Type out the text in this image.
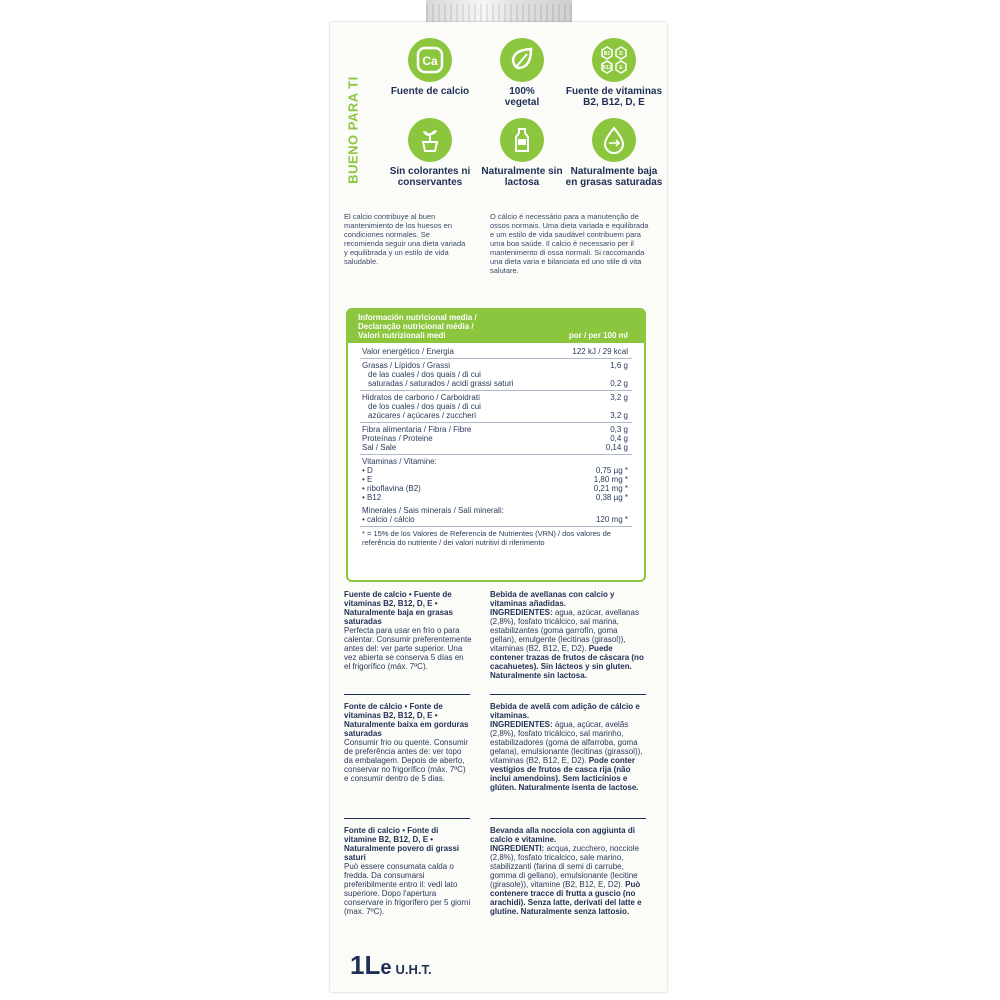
BUENO PARA TI
Ca
Fuente de calcio	100% vegetal
B2 D
B12 E
Fuente de vitaminas B2, B12, D, E
Sin colorantes ni conservantes
Naturalmente sin lactosa
Naturalmente baja en grasas saturadas
El calcio contribuye al buen mantenimiento de los huesos en condiciones normales. Se recomienda seguir una dieta variada y equilibrada y un estilo de vida saludable.
O cálcio é necessário para a manutenção de ossos normais. Uma dieta variada e equilibrada e um estilo de vida saudável contribuem para uma boa saúde. Il calcio è necessario per il mantenimento di ossa normali. Si raccomanda una dieta varia e bilanciata ed uno stile di vita salutare.
Información nutricional media /
Declaração nutricional média /
Valori nutrizionali medi	por / per 100 ml
Valor energético / Energia	122 kJ / 29 kcal
Grasas / Lípidos / Grassi	1,6 g
de las cuales / dos quais / di cui
saturadas / saturados / acidi grassi saturi	0,2 g
Hidratos de carbono / Carboidrati	3,2 g
de los cuales / dos quais / di cui
azúcares / açúcares / zuccheri	3,2 g
Fibra alimentaria / Fibra / Fibre	0,3 g
Proteínas / Proteine	0,4 g
Sal / Sale	0,14 g
Vitaminas / Vitamine:
• D	0,75 µg *
• E	1,80 mg *
• riboflavina (B2)	0,21 mg *
• B12	0,38 µg *
Minerales / Sais minerais / Sali minerali:
• calcio / cálcio	120 mg *
* = 15% de los Valores de Referencia de Nutrientes (VRN) / dos valores de referência do nutriente / dei valori nutritivi di riferimento
Fuente de calcio • Fuente de vitaminas B2, B12, D, E • Naturalmente baja en grasas saturadas
Perfecta para usar en frío o para calentar. Consumir preferentemente antes del: ver parte superior. Una vez abierta se conserva 5 días en el frigorífico (máx. 7ºC).
Bebida de avellanas con calcio y vitaminas añadidas.
INGREDIENTES: agua, azúcar, avellanas (2,8%), fosfato tricálcico, sal marina, estabilizantes (goma garrofín, goma gellan), emulgente (lecitinas (girasol)), vitaminas (B2, B12, E, D2). Puede contener trazas de frutos de cáscara (no cacahuetes). Sin lácteos y sin gluten. Naturalmente sin lactosa.
Fonte de cálcio • Fonte de vitaminas B2, B12, D, E • Naturalmente baixa em gorduras saturadas
Consumir frio ou quente. Consumir de preferência antes de: ver topo da embalagem. Depois de aberto, conservar no frigorífico (máx. 7ºC) e consumir dentro de 5 dias.
Bebida de avelã com adição de cálcio e vitaminas.
INGREDIENTES: água, açúcar, avelãs (2,8%), fosfato tricálcico, sal marinho, estabilizadores (goma de alfarroba, goma gelana), emulsionante (lecitinas (girassol)), vitaminas (B2, B12, E, D2). Pode conter vestígios de frutos de casca rija (não inclui amendoins). Sem lacticínios e glúten. Naturalmente isenta de lactose.
Fonte di calcio • Fonte di vitamine B2, B12, D, E • Naturalmente povero di grassi saturi
Può essere consumata calda o fredda. Da consumarsi preferibilmente entro il: vedi lato superiore. Dopo l'apertura conservare in frigorifero per 5 giorni (max. 7ºC).
Bevanda alla nocciola con aggiunta di calcio e vitamine.
INGREDIENTI: acqua, zucchero, nocciole (2,8%), fosfato tricalcico, sale marino, stabilizzanti (farina di semi di carrube, gomma di gellano), emulsionante (lecitine (girasole)), vitamine (B2, B12, E, D2). Può contenere tracce di frutta a guscio (no arachidi). Senza latte, derivati del latte e glutine. Naturalmente senza lattosio.
1Le U.H.T.
